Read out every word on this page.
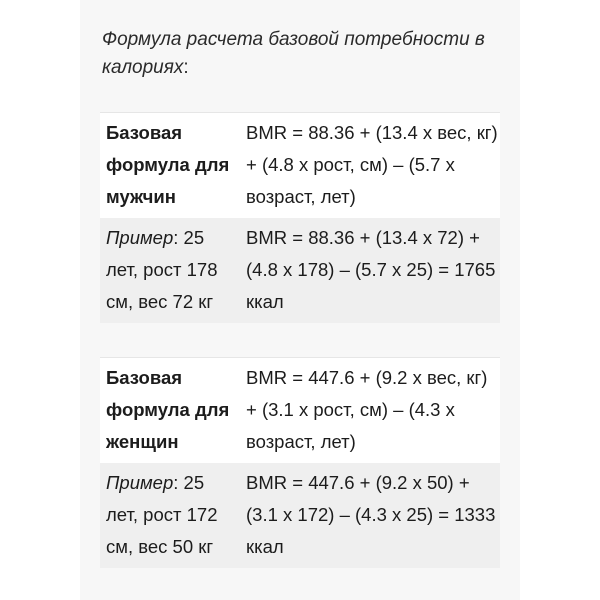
Формула расчета базовой потребности в калориях:
Базовая формула для мужчин	BMR = 88.36 + (13.4 x вес, кг) + (4.8 x рост, см) – (5.7 x возраст, лет)
Пример: 25 лет, рост 178 см, вес 72 кг	BMR = 88.36 + (13.4 x 72) + (4.8 x 178) – (5.7 x 25) = 1765 ккал
Базовая формула для женщин	BMR = 447.6 + (9.2 x вес, кг) + (3.1 x рост, см) – (4.3 x возраст, лет)
Пример: 25 лет, рост 172 см, вес 50 кг	BMR = 447.6 + (9.2 x 50) + (3.1 x 172) – (4.3 x 25) = 1333 ккал
